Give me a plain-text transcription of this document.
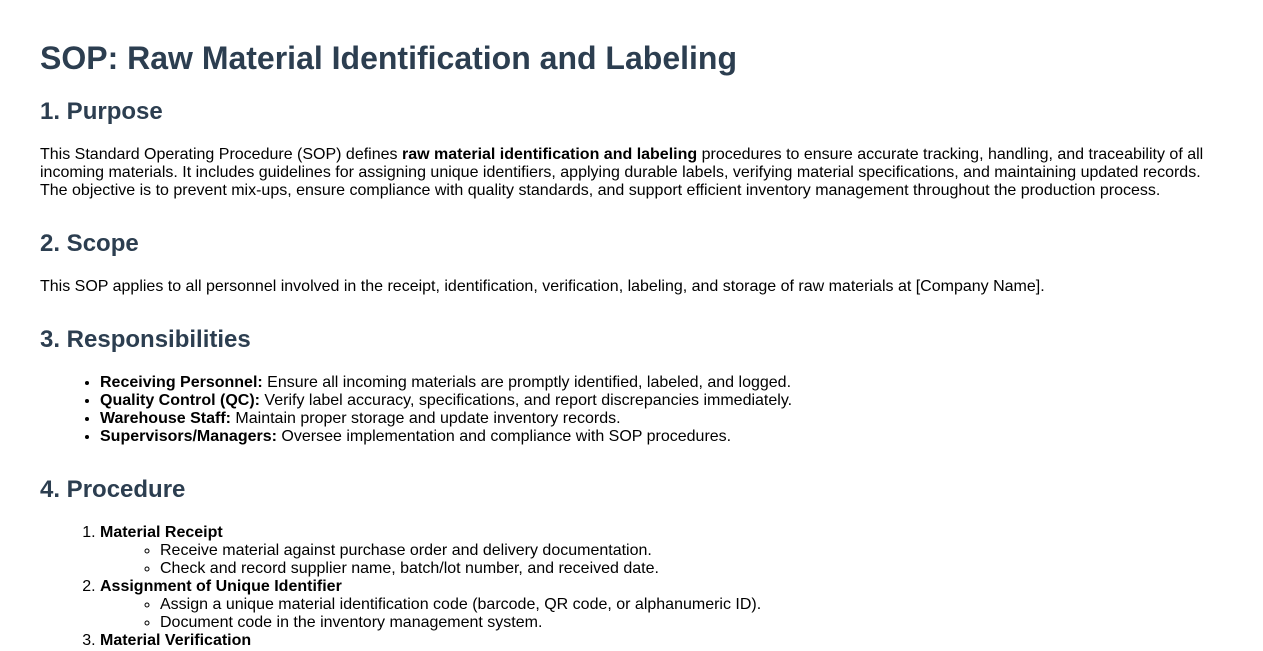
SOP: Raw Material Identification and Labeling
1. Purpose

This Standard Operating Procedure (SOP) defines raw material identification and labeling procedures to ensure accurate tracking, handling, and traceability of all incoming materials. It includes guidelines for assigning unique identifiers, applying durable labels, verifying material specifications, and maintaining updated records. The objective is to prevent mix-ups, ensure compliance with quality standards, and support efficient inventory management throughout the production process.

2. Scope

This SOP applies to all personnel involved in the receipt, identification, verification, labeling, and storage of raw materials at [Company Name].

3. Responsibilities
• Receiving Personnel: Ensure all incoming materials are promptly identified, labeled, and logged.
• Quality Control (QC): Verify label accuracy, specifications, and report discrepancies immediately.
• Warehouse Staff: Maintain proper storage and update inventory records.
• Supervisors/Managers: Oversee implementation and compliance with SOP procedures.
4. Procedure
1. Material Receipt
◦ Receive material against purchase order and delivery documentation.
◦ Check and record supplier name, batch/lot number, and received date.
2. Assignment of Unique Identifier
◦ Assign a unique material identification code (barcode, QR code, or alphanumeric ID).
◦ Document code in the inventory management system.
3. Material Verification
